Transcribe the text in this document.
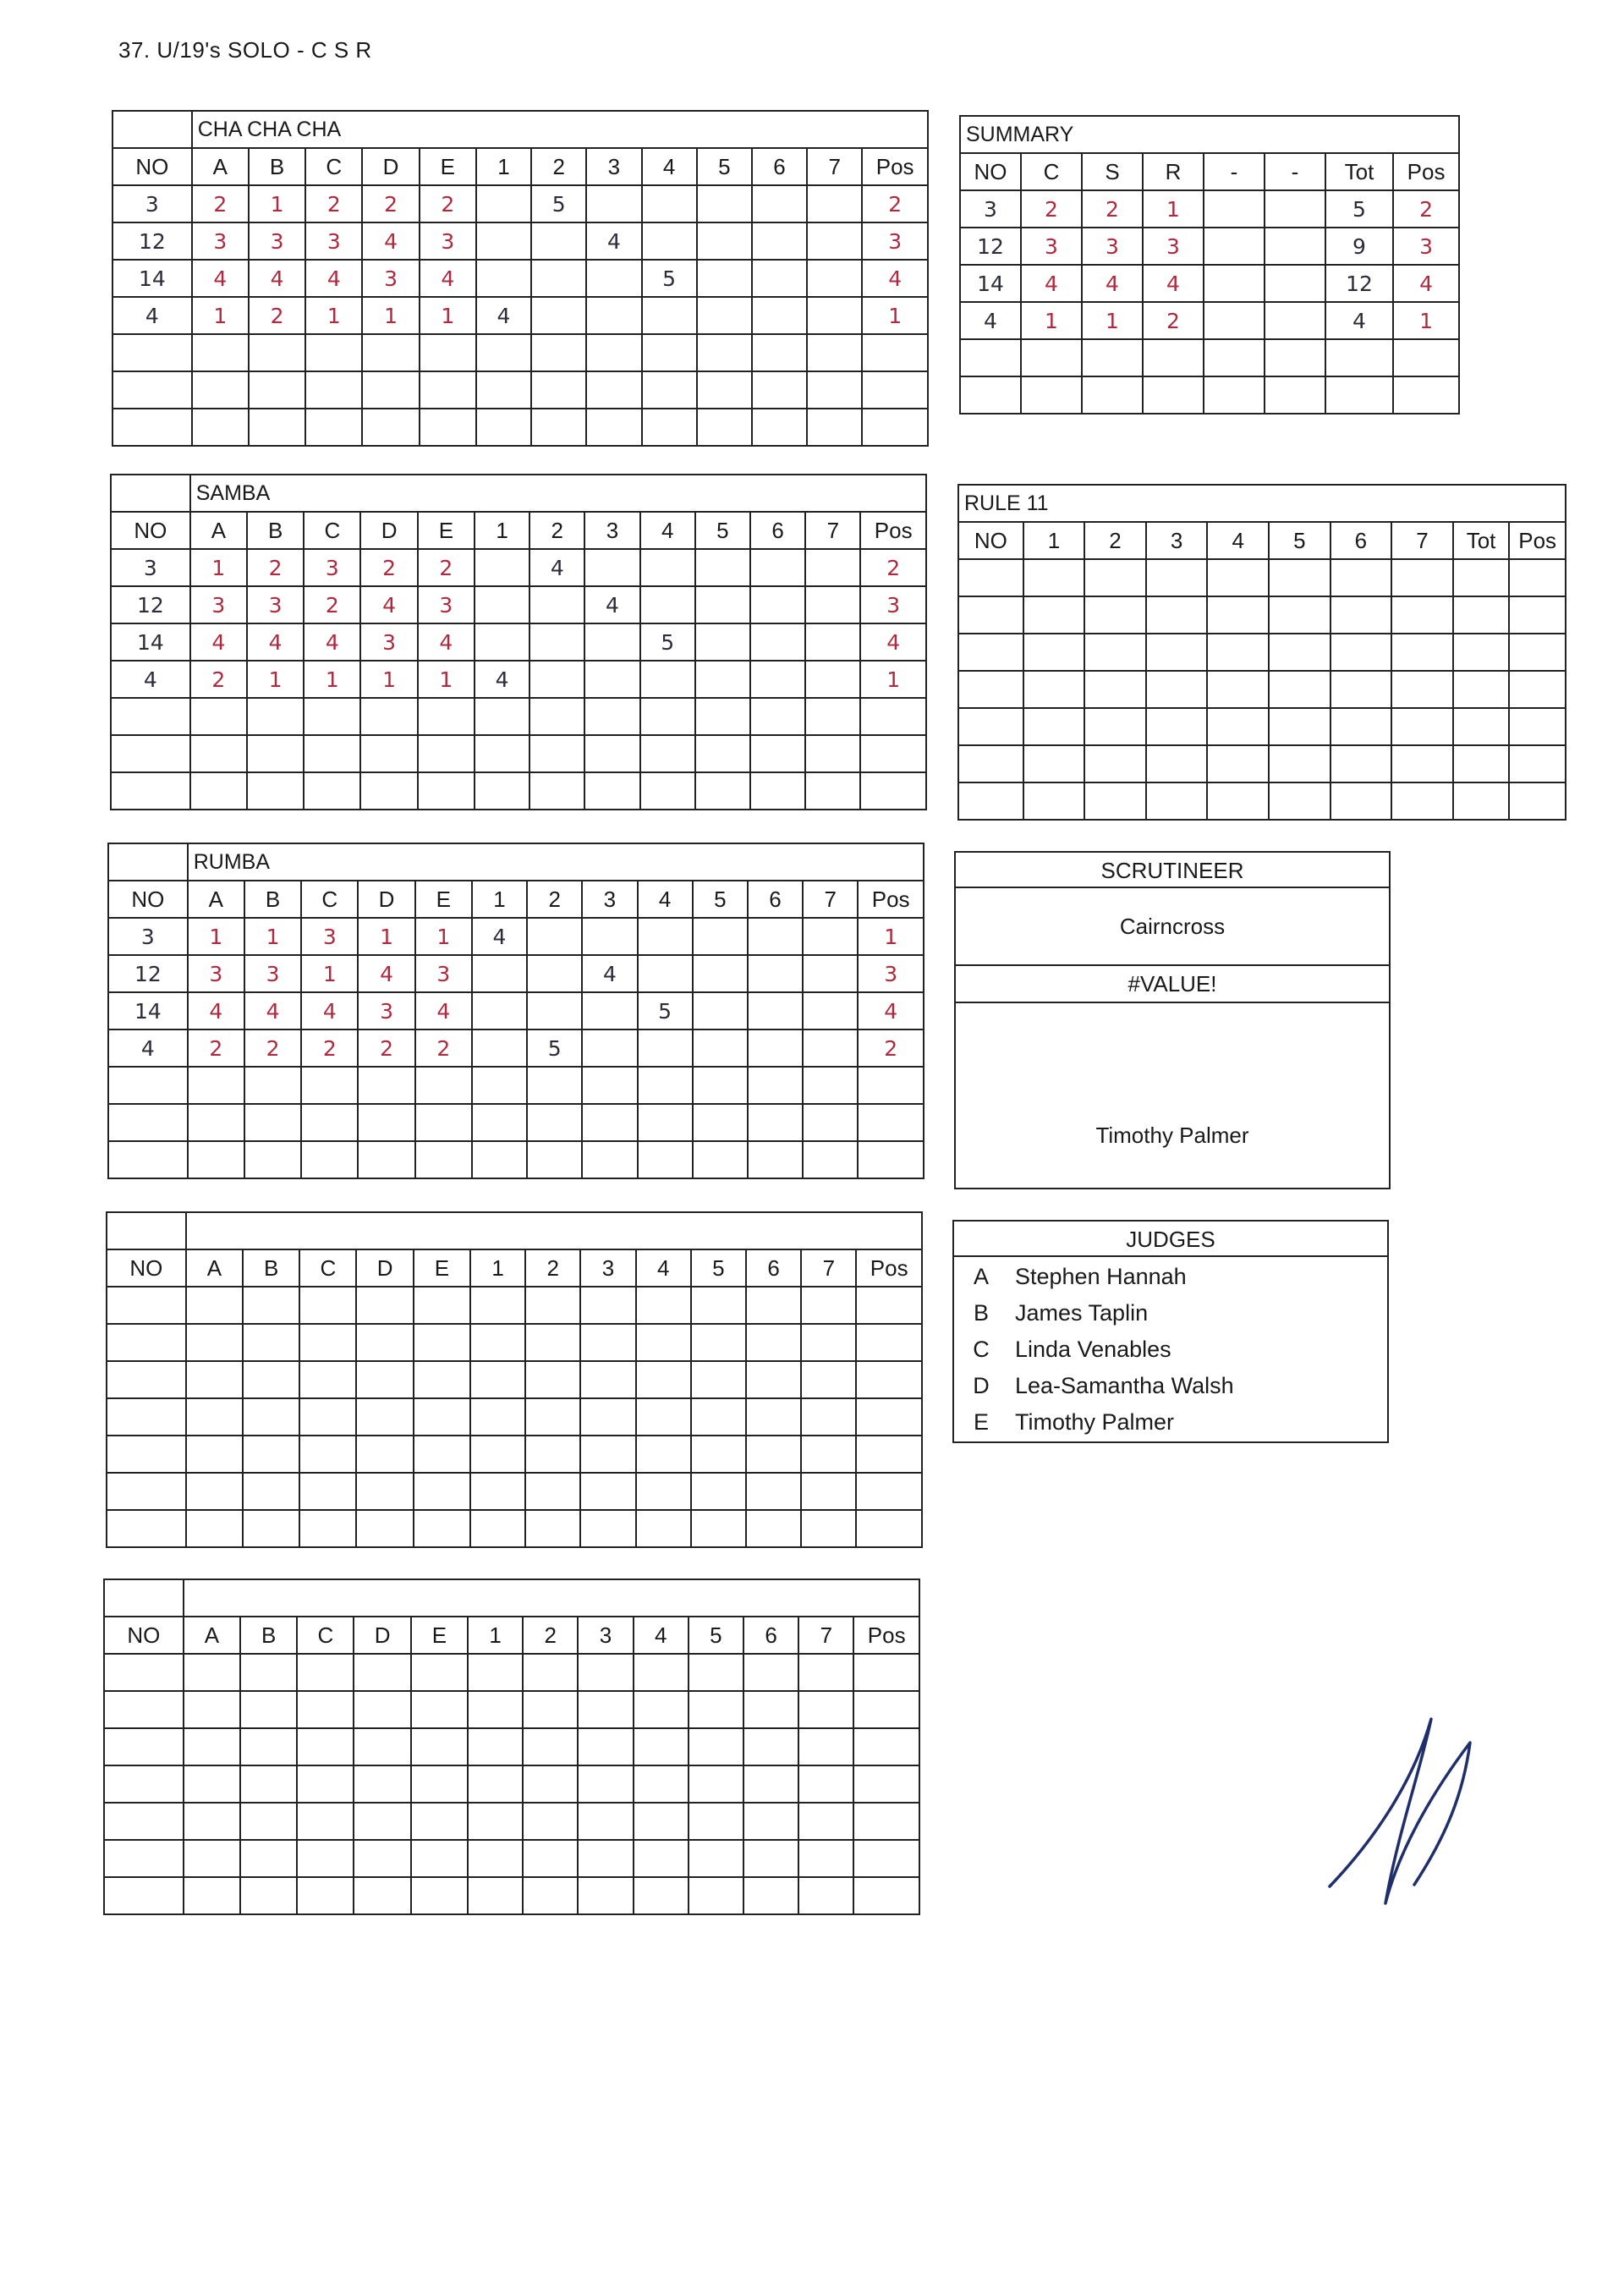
37. U/19's SOLO - C S R
	CHA CHA CHA												
NO	A	B	C	D	E	1	2	3	4	5	6	7	Pos
3	2	1	2	2	2		5						2
12	3	3	3	4	3			4					3
14	4	4	4	3	4				5				4
4	1	2	1	1	1	4							1

	SAMBA												
NO	A	B	C	D	E	1	2	3	4	5	6	7	Pos
3	1	2	3	2	2		4						2
12	3	3	2	4	3			4					3
14	4	4	4	3	4				5				4
4	2	1	1	1	1	4							1

	RUMBA												
NO	A	B	C	D	E	1	2	3	4	5	6	7	Pos
3	1	1	3	1	1	4							1
12	3	3	1	4	3			4					3
14	4	4	4	3	4				5				4
4	2	2	2	2	2		5						2

NO	A	B	C	D	E	1	2	3	4	5	6	7	Pos

NO	A	B	C	D	E	1	2	3	4	5	6	7	Pos

SUMMARY							
NO	C	S	R	-	-	Tot	Pos
3	2	2	1			5	2
12	3	3	3			9	3
14	4	4	4			12	4
4	1	1	2			4	1

RULE 11									
NO	1	2	3	4	5	6	7	Tot	Pos

SCRUTINEER
Cairncross
#VALUE!
Timothy Palmer
JUDGES
A	Stephen Hannah
B	James Taplin
C	Linda Venables
D	Lea-Samantha Walsh
E	Timothy Palmer
